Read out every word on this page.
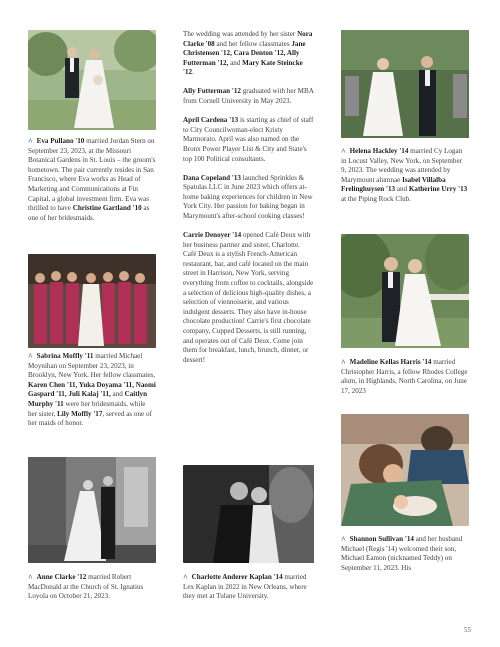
^ Eva Pullano '10 married Jordan Stern on September 23, 2023, at the Missouri Botanical Gardens in St. Louis – the groom's hometown. The pair currently resides in San Francisco, where Eva works as Head of Marketing and Communications at Fin Capital, a global investment firm. Eva was thrilled to have Christine Gartland '10 as one of her bridesmaids.
^ Sabrina Moffly '11 married Michael Moynihan on September 23, 2023, in Brooklyn, New York. Her fellow classmates, Karen Chen '11, Yuka Doyama '11, Naomi Gaspard '11, Juli Kalaj '11, and Caitlyn Murphy '11 were her bridesmaids, while her sister, Lily Moffly '17, served as one of her maids of honor.
^ Anne Clarke '12 married Robert MacDonald at the Church of St. Ignatius Loyola on October 21, 2023.

The wedding was attended by her sister Nora Clarke '08 and her fellow classmates Jane Christensen '12, Cara Denton '12, Ally Futterman '12, and Mary Kate Steincke '12.

Ally Futterman '12 graduated with her MBA from Cornell University in May 2023.

April Cardena '13 is starting as chief of staff to City Councilwoman-elect Kristy Marmorato. April was also named on the Bronx Power Player List & City and State's top 100 Political consultants.

Dana Copeland '13 launched Sprinkles & Spatulas LLC in June 2023 which offers at-home baking experiences for children in New York City. Her passion for baking began in Marymount's after-school cooking classes!

Carrie Denoyer '14 opened Café Deux with her business partner and sister, Charlotte. Café Deux is a stylish French-American restaurant, bar, and café located on the main street in Harrison, New York, serving everything from coffee to cocktails, alongside a selection of delicious high-quality dishes, a selection of viennoiserie, and various indulgent desserts. They also have in-house chocolate production! Carrie's first chocolate company, Cupped Desserts, is still running, and operates out of Café Deux. Come join them for breakfast, lunch, brunch, dinner, or dessert!

^ Charlotte Anderer Kaplan '14 married Lex Kaplan in 2022 in New Orleans, where they met at Tulane University.
^ Helena Hackley '14 married Cy Logan in Locust Valley, New York, on September 9, 2023. The wedding was attended by Marymount alumnae Isabel Villalba Frelinghuysen '13 and Katherine Urry '13 at the Piping Rock Club.
^ Madeline Kellas Harris '14 married Christopher Harris, a fellow Rhodes College alum, in Highlands, North Carolina, on June 17, 2023
^ Shannon Sullivan '14 and her husband Michael (Regis '14) welcomed their son, Michael Eamon (nicknamed Teddy) on September 11, 2023. His
55
